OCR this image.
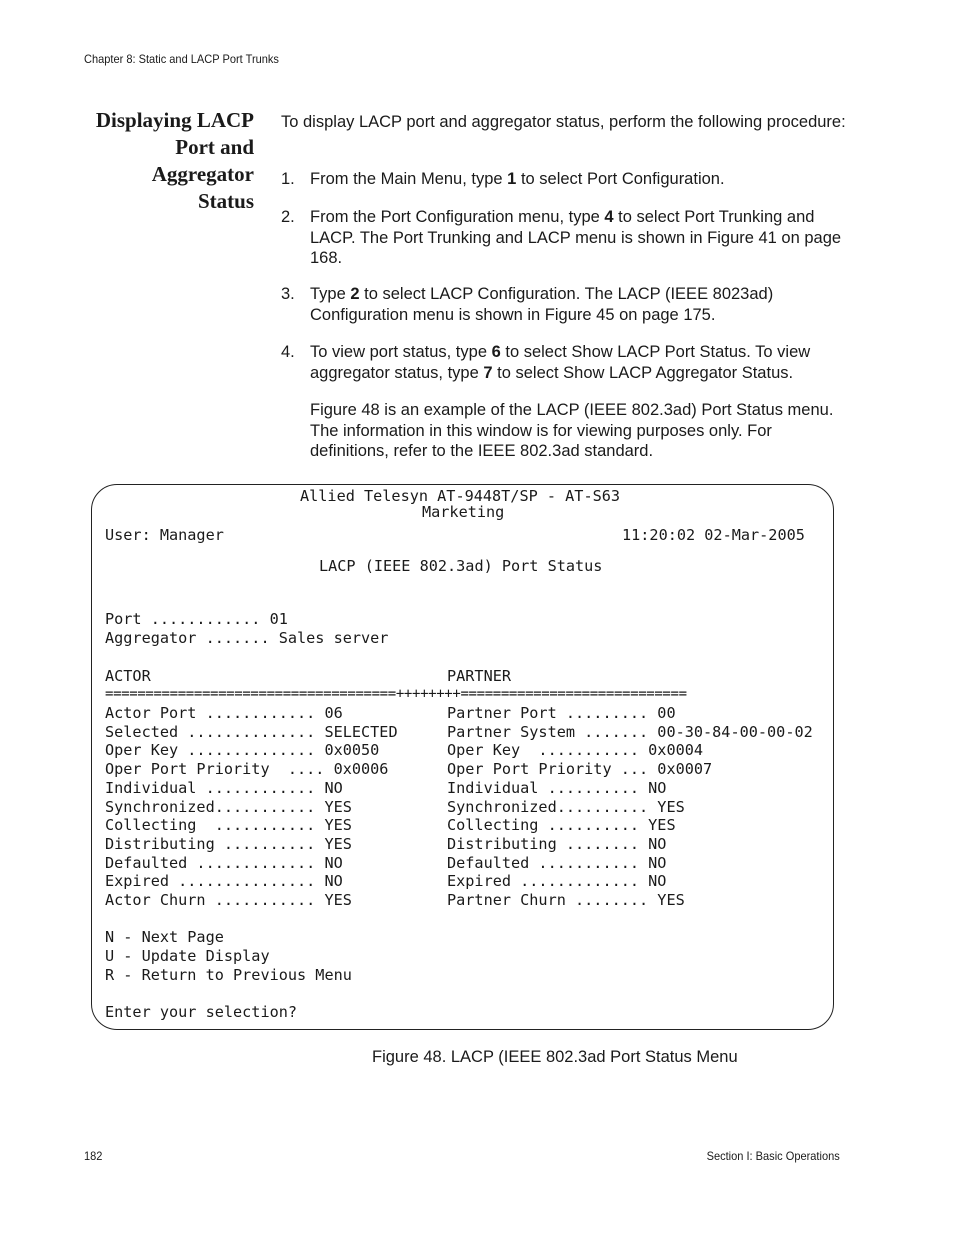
Chapter 8: Static and LACP Port Trunks
Displaying LACP
Port and
Aggregator
Status
To display LACP port and aggregator status, perform the following procedure:
1. From the Main Menu, type 1 to select Port Configuration.
2. From the Port Configuration menu, type 4 to select Port Trunking and LACP. The Port Trunking and LACP menu is shown in Figure 41 on page 168.
3. Type 2 to select LACP Configuration. The LACP (IEEE 8023ad) Configuration menu is shown in Figure 45 on page 175.
4. To view port status, type 6 to select Show LACP Port Status. To view aggregator status, type 7 to select Show LACP Aggregator Status.
Figure 48 is an example of the LACP (IEEE 802.3ad) Port Status menu. The information in this window is for viewing purposes only. For definitions, refer to the IEEE 802.3ad standard.
Allied Telesyn AT-9448T/SP - AT-S63
Marketing
User: Manager	11:20:02 02-Mar-2005
LACP (IEEE 802.3ad) Port Status
Port ............ 01
Aggregator ....... Sales server
ACTOR	PARTNER
====================================++++++++============================
Actor Port ............ 06	Partner Port ......... 00
Selected .............. SELECTED	Partner System ....... 00-30-84-00-00-02
Oper Key .............. 0x0050	Oper Key  ........... 0x0004
Oper Port Priority  .... 0x0006	Oper Port Priority ... 0x0007
Individual ............ NO	Individual .......... NO
Synchronized........... YES	Synchronized.......... YES
Collecting  ........... YES	Collecting .......... YES
Distributing .......... YES	Distributing ........ NO
Defaulted ............. NO	Defaulted ........... NO
Expired ............... NO	Expired ............. NO
Actor Churn ........... YES	Partner Churn ........ YES
N - Next Page
U - Update Display
R - Return to Previous Menu
Enter your selection?
Figure 48. LACP (IEEE 802.3ad Port Status Menu
182	Section I: Basic Operations
